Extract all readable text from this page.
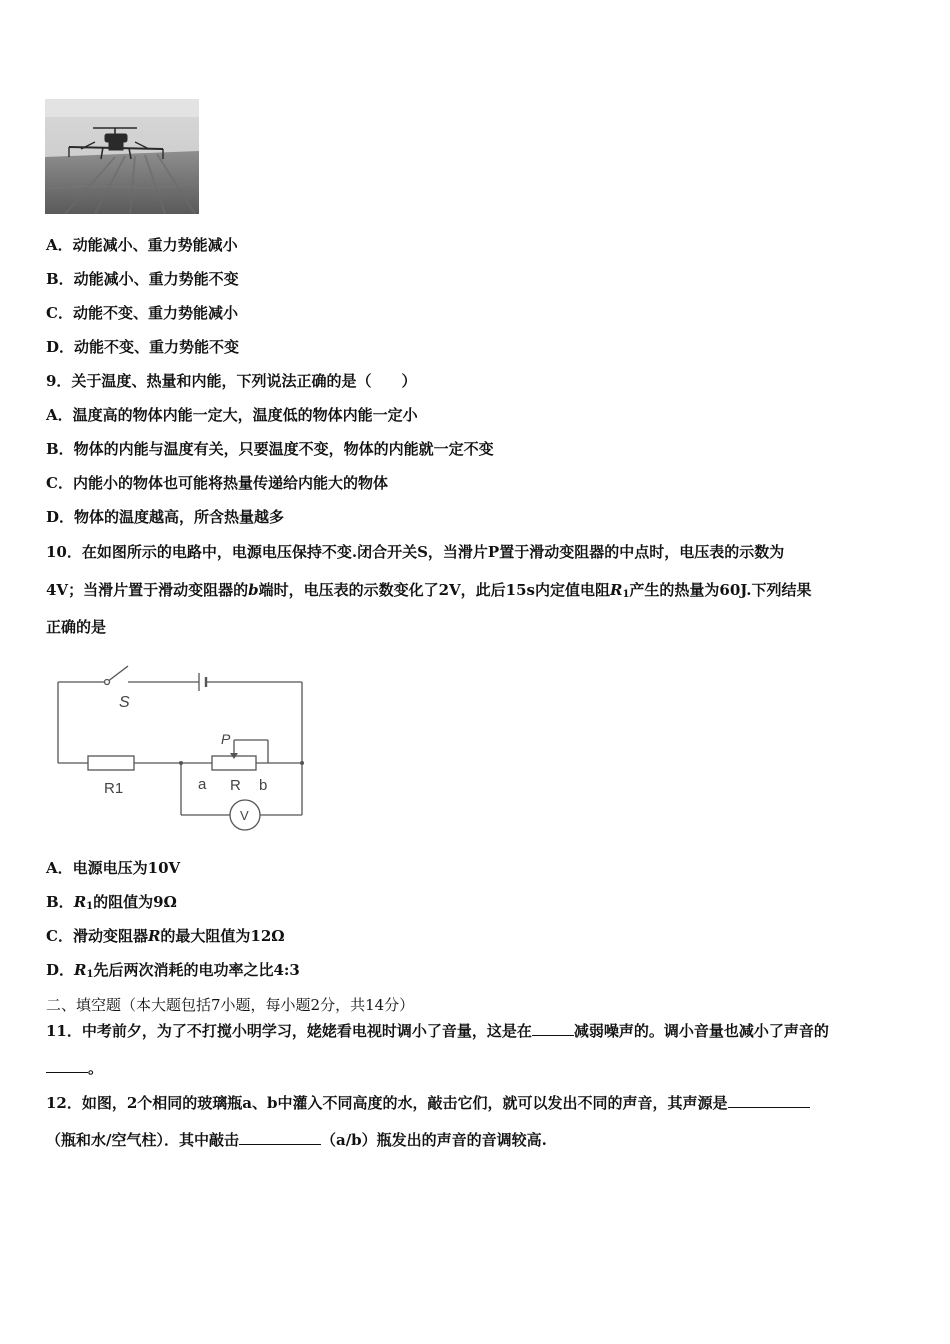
A．动能减小、重力势能减小
B．动能减小、重力势能不变
C．动能不变、重力势能减小
D．动能不变、重力势能不变
9．关于温度、热量和内能，下列说法正确的是（　　）
A．温度高的物体内能一定大，温度低的物体内能一定小
B．物体的内能与温度有关，只要温度不变，物体的内能就一定不变
C．内能小的物体也可能将热量传递给内能大的物体
D．物体的温度越高，所含热量越多
10．在如图所示的电路中，电源电压保持不变.闭合开关S，当滑片P置于滑动变阻器的中点时，电压表的示数为
4V；当滑片置于滑动变阻器的b端时，电压表的示数变化了2V，此后15s内定值电阻$R_1$产生的热量为60J.下列结果
正确的是
S
P
R1	a R b
V
A．电源电压为10V
B．$R_1$的阻值为9Ω
C．滑动变阻器R的最大阻值为12Ω
D．$R_1$先后两次消耗的电功率之比4:3
二、填空题（本大题包括7小题，每小题2分，共14分）
11．中考前夕，为了不打搅小明学习，姥姥看电视时调小了音量，这是在	减弱噪声的。调小音量也减小了声音的
。
12．如图，2个相同的玻璃瓶a、b中灌入不同高度的水，敲击它们，就可以发出不同的声音，其声源是
（瓶和水/空气柱）．其中敲击	（a/b）瓶发出的声音的音调较高.
